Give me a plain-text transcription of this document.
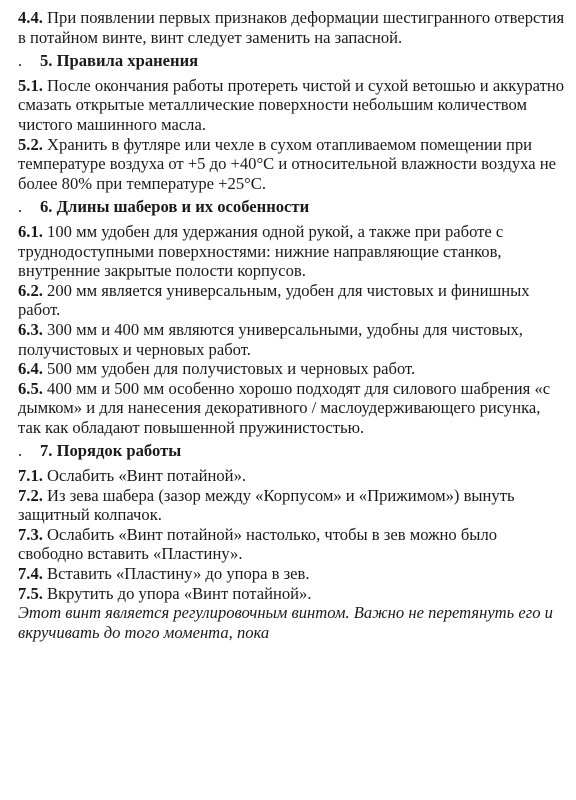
4.4. При появлении первых признаков деформации шестигранного отверстия в потайном винте, винт следует заменить на запасной.

. 5. Правила хранения

5.1. После окончания работы протереть чистой и сухой ветошью и аккуратно смазать открытые металлические поверхности небольшим количеством чистого машинного масла.

5.2. Хранить в футляре или чехле в сухом отапливаемом помещении при температуре воздуха от +5 до +40°С и относительной влажности воздуха не более 80% при температуре +25°С.

. 6. Длины шаберов и их особенности

6.1. 100 мм удобен для удержания одной рукой, а также при работе с труднодоступными поверхностями: нижние направляющие станков, внутренние закрытые полости корпусов.

6.2. 200 мм является универсальным, удобен для чистовых и финишных работ.

6.3. 300 мм и 400 мм являются универсальными, удобны для чистовых, получистовых и черновых работ.

6.4. 500 мм удобен для получистовых и черновых работ.

6.5. 400 мм и 500 мм особенно хорошо подходят для силового шабрения «с дымком» и для нанесения декоративного / маслоудерживающего рисунка, так как обладают повышенной пружинистостью.

. 7. Порядок работы

7.1. Ослабить «Винт потайной».

7.2. Из зева шабера (зазор между «Корпусом» и «Прижимом») вынуть защитный колпачок.

7.3. Ослабить «Винт потайной» настолько, чтобы в зев можно было свободно вставить «Пластину».

7.4. Вставить «Пластину» до упора в зев.

7.5. Вкрутить до упора «Винт потайной».

Этот винт является регулировочным винтом. Важно не перетянуть его и вкручивать до того момента, пока
